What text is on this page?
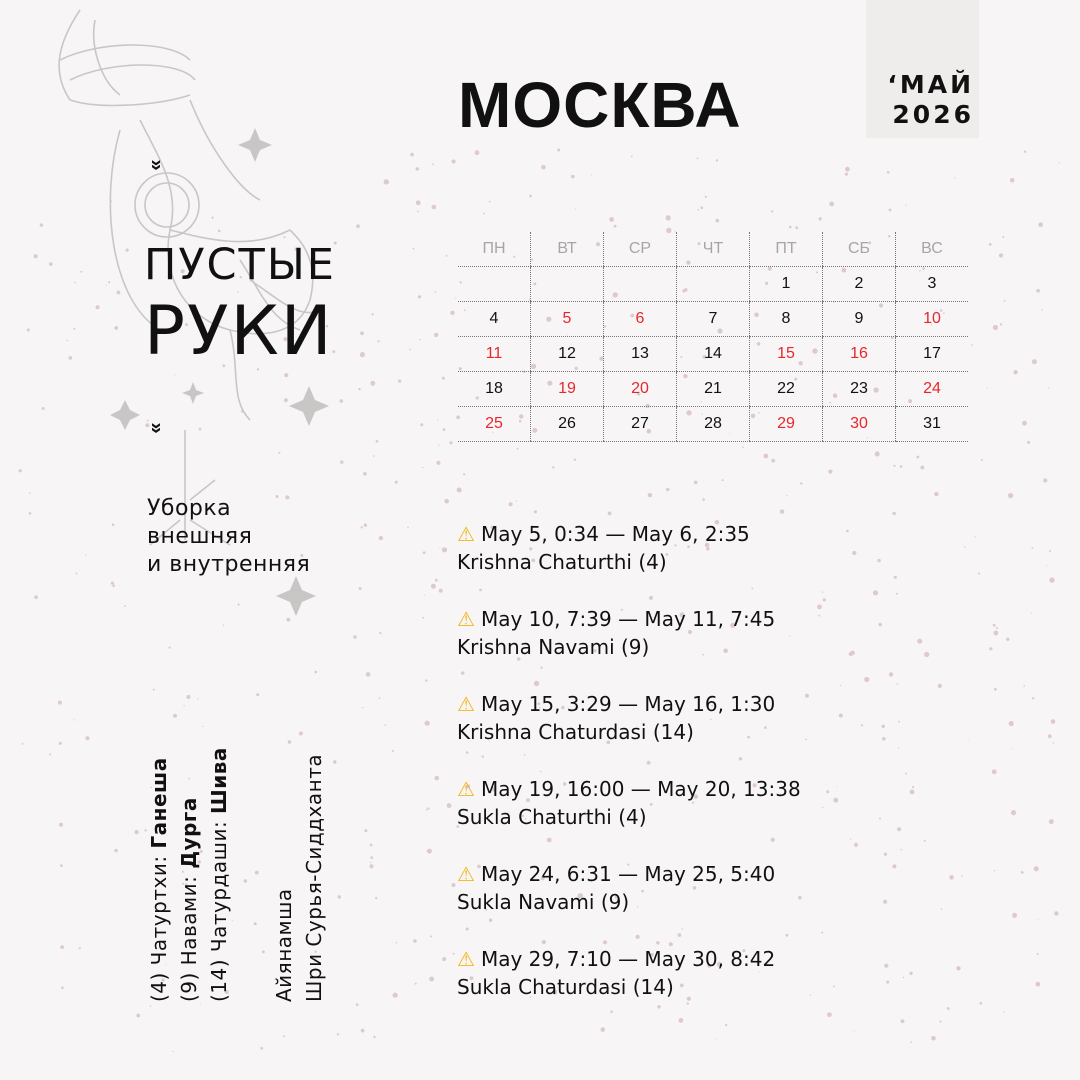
‘МАЙ
2026
МОСКВА
»
ПУСТЫЕ
РУКИ
»
Уборка
внешняя
и внутренняя
ПН	ВТ	СР	ЧТ	ПТ	СБ	ВС
				1	2	3
4	5	6	7	8	9	10
11	12	13	14	15	16	17
18	19	20	21	22	23	24
25	26	27	28	29	30	31
⚠ May 5, 0:34 — May 6, 2:35
Krishna Chaturthi (4)
⚠ May 10, 7:39 — May 11, 7:45
Krishna Navami (9)
⚠ May 15, 3:29 — May 16, 1:30
Krishna Chaturdasi (14)
⚠ May 19, 16:00 — May 20, 13:38
Sukla Chaturthi (4)
⚠ May 24, 6:31 — May 25, 5:40
Sukla Navami (9)
⚠ May 29, 7:10 — May 30, 8:42
Sukla Chaturdasi (14)
(4) Чатуртхи: Ганеша
(9) Навами: Дурга (14) Чатурдаши: Шива
Айянамша Шри Сурья-Сиддханта
